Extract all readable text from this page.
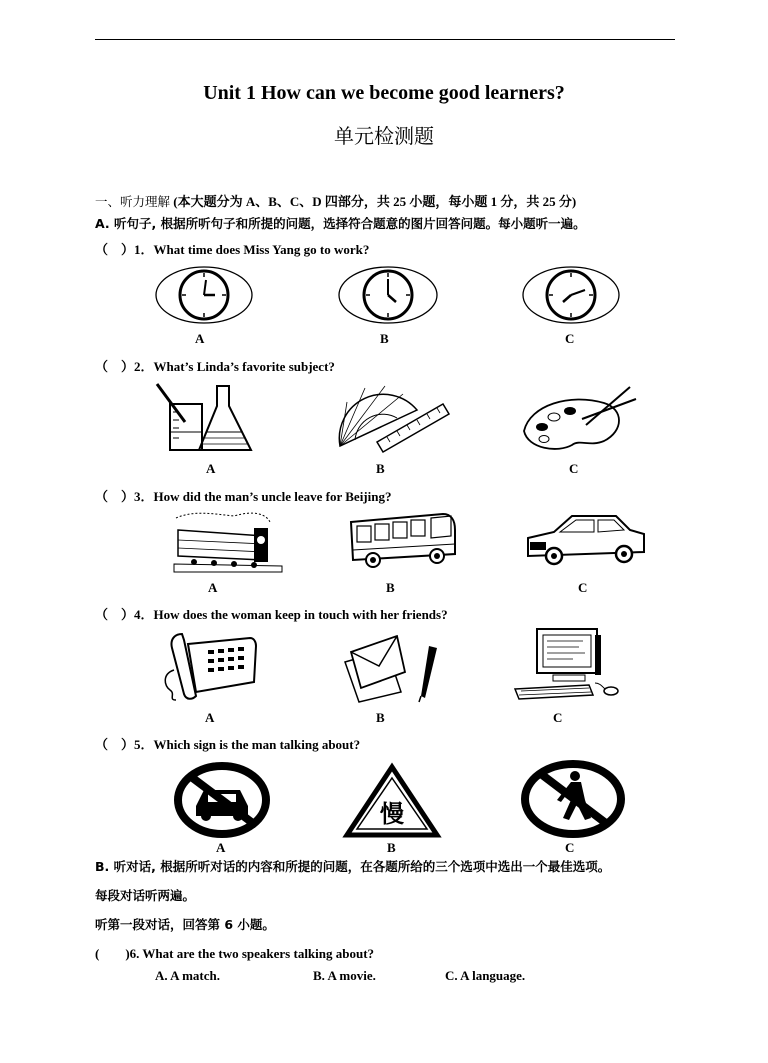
Unit 1 How can we become good learners?
单元检测题
一、听力理解 (本大题分为 A、B、C、D 四部分，共 25 小题，每小题 1 分，共 25 分)
A. 听句子, 根据所听句子和所提的问题，选择符合题意的图片回答问题。每小题听一遍。
（　）1．What time does Miss Yang go to work?
A	B	C
（　）2．What’s Linda’s favorite subject?
A	B	C
（　）3．How did the man’s uncle leave for Beijing?
A	B	C
（　）4．How does the woman keep in touch with her friends?
A	B	C
（　）5．Which sign is the man talking about?
慢
A	B	C
B. 听对话, 根据所听对话的内容和所提的问题，在各题所给的三个选项中选出一个最佳选项。
每段对话听两遍。
听第一段对话，回答第 6 小题。
(　　)6. What are the two speakers talking about?
A. A match.	B. A movie.	C. A language.
